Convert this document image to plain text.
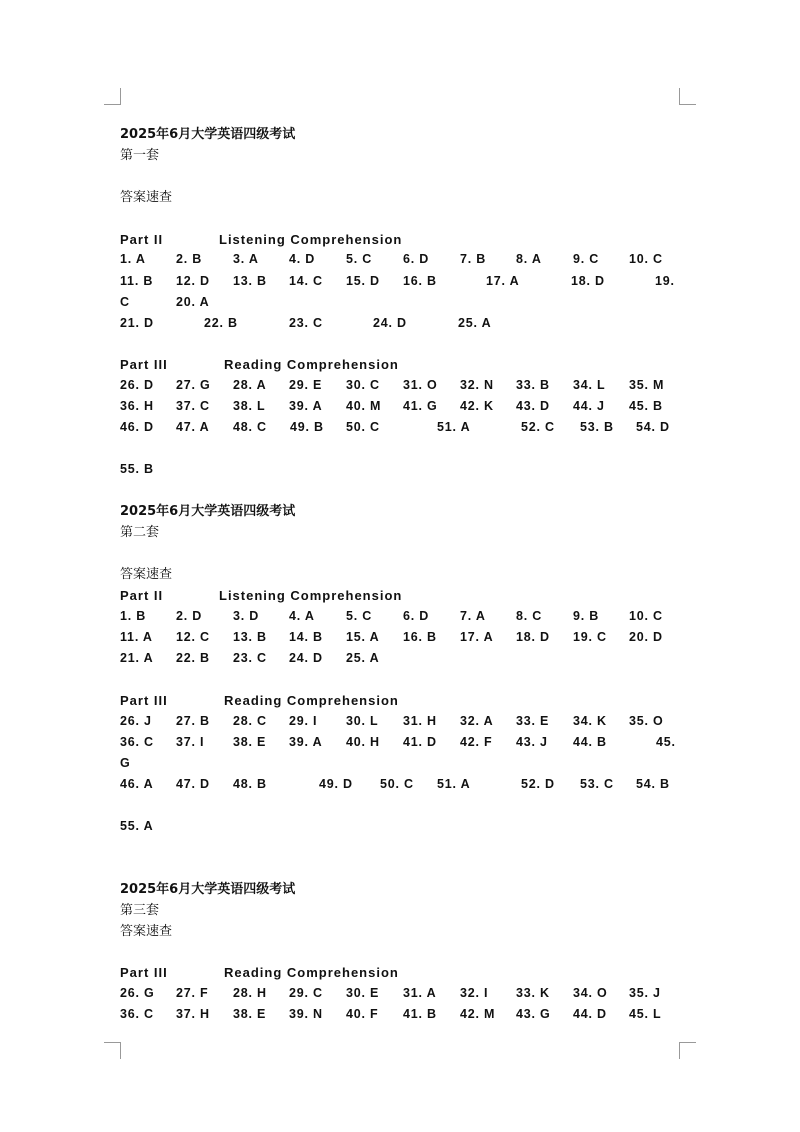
2025年6月大学英语四级考试
第一套
答案速查
Part II	Listening Comprehension
Part III	Reading Comprehension
2025年6月大学英语四级考试
第二套
答案速查
Part II	Listening Comprehension
Part III	Reading Comprehension
2025年6月大学英语四级考试
第三套
答案速查
Part III	Reading Comprehension
1. A 2. B 3. A 4. D 5. C 6. D 7. B 8. A	9. C 10. C
11. B 12. D 13. B 14. C 15. D 16. B	17. A	18. D	19.
C	20. A
21. D	22. B	23. C	24. D	25. A
26. D 27. G 28. A 29. E 30. C 31. O 32. N 33. B 34. L 35. M
36. H 37. C 38. L 39. A 40. M 41. G 42. K 43. D 44. J 45. B
46. D 47. A 48. C 49. B 50. C	51. A	52. C 53. B 54. D
55. B
1. B 2. D 3. D 4. A	5. C 6. D 7. A 8. C 9. B 10. C
11. A 12. C 13. B 14. B 15. A 16. B 17. A 18. D 19. C 20. D
21. A 22. B 23. C 24. D 25. A
26. J 27. B 28. C 29. I 30. L 31. H 32. A 33. E 34. K 35. O
36. C 37. I 38. E 39. A 40. H 41. D 42. F 43. J 44. B	45.
G
46. A 47. D 48. B	49. D 50. C 51. A	52. D 53. C 54. B
55. A
26. G 27. F 28. H 29. C 30. E 31. A 32. I 33. K 34. O 35. J
36. C 37. H 38. E 39. N 40. F 41. B 42. M 43. G 44. D 45. L
